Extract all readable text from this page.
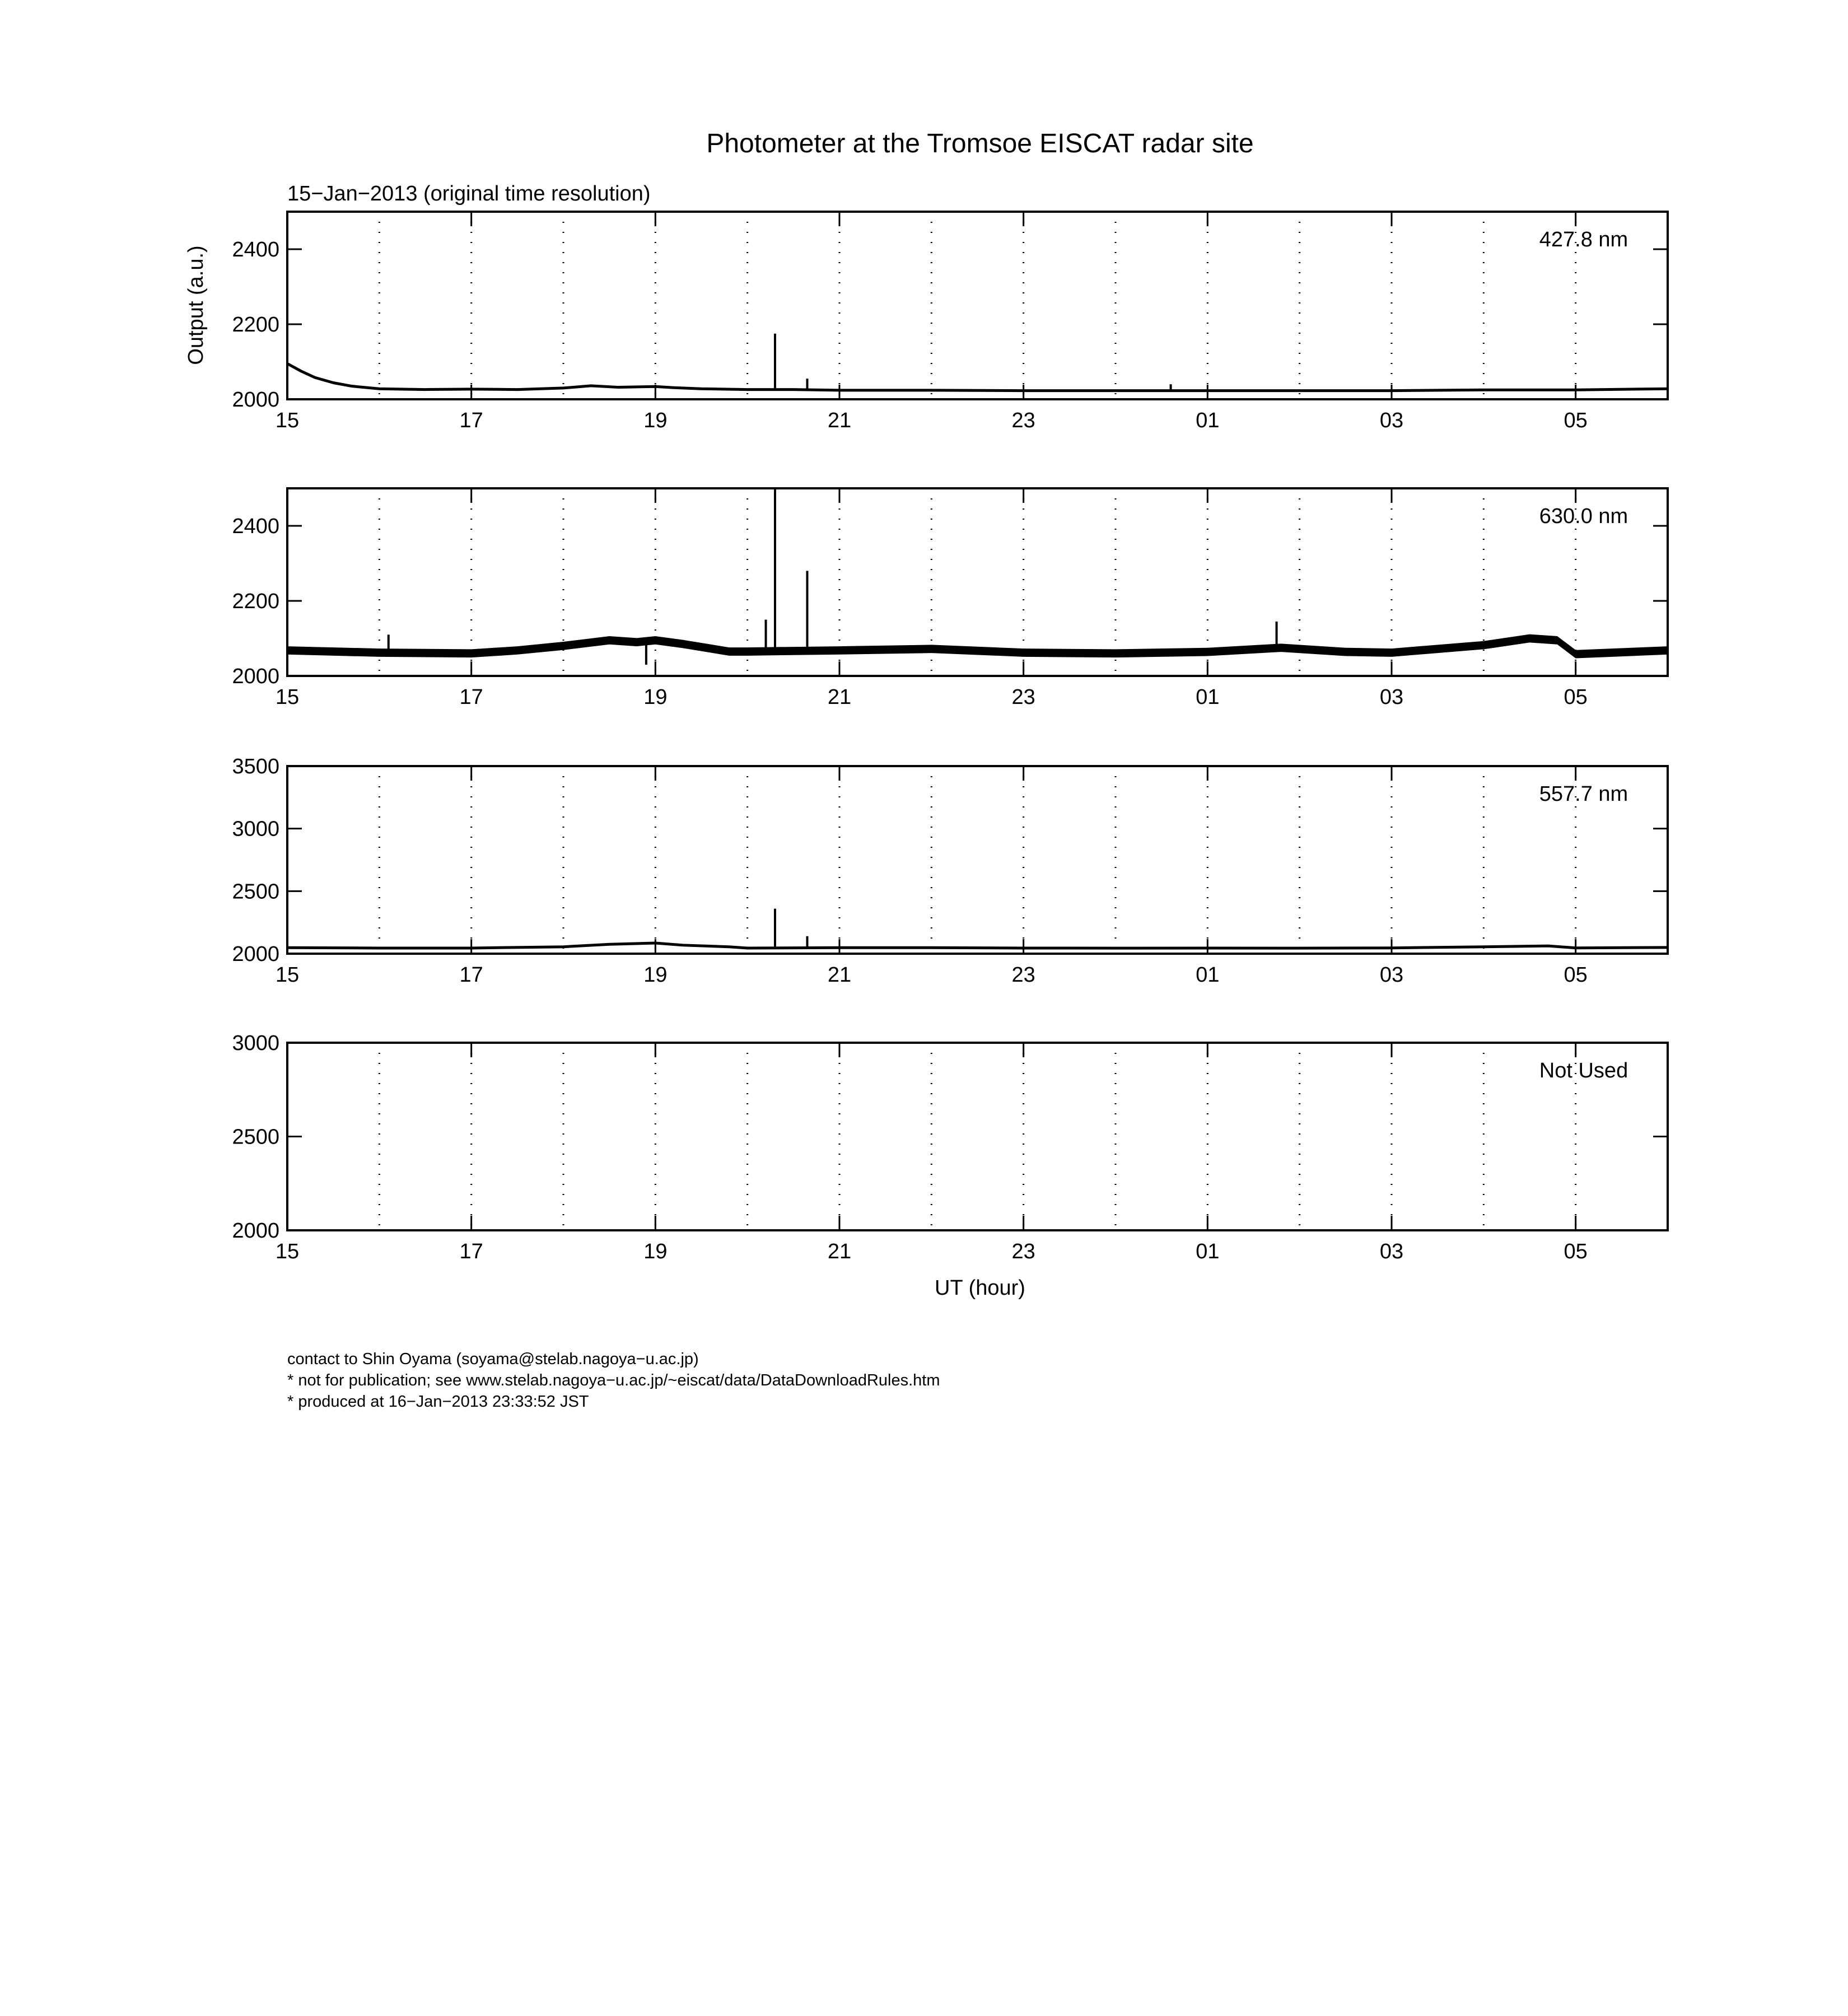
Photometer at the Tromsoe EISCAT radar site
15−Jan−2013 (original time resolution)
Output (a.u.)
UT (hour)
2000
2200
2400
15	17	19	21	23	01	03	05
427.8 nm
2000
2200
2400
15	17	19	21	23	01	03	05
630.0 nm
2000
2500
3000
3500
15	17	19	21	23	01	03	05
557.7 nm
2000
2500
3000
15	17	19	21	23	01	03	05
Not Used
contact to Shin Oyama (soyama@stelab.nagoya−u.ac.jp)
* not for publication; see www.stelab.nagoya−u.ac.jp/~eiscat/data/DataDownloadRules.htm
* produced at 16−Jan−2013 23:33:52 JST
